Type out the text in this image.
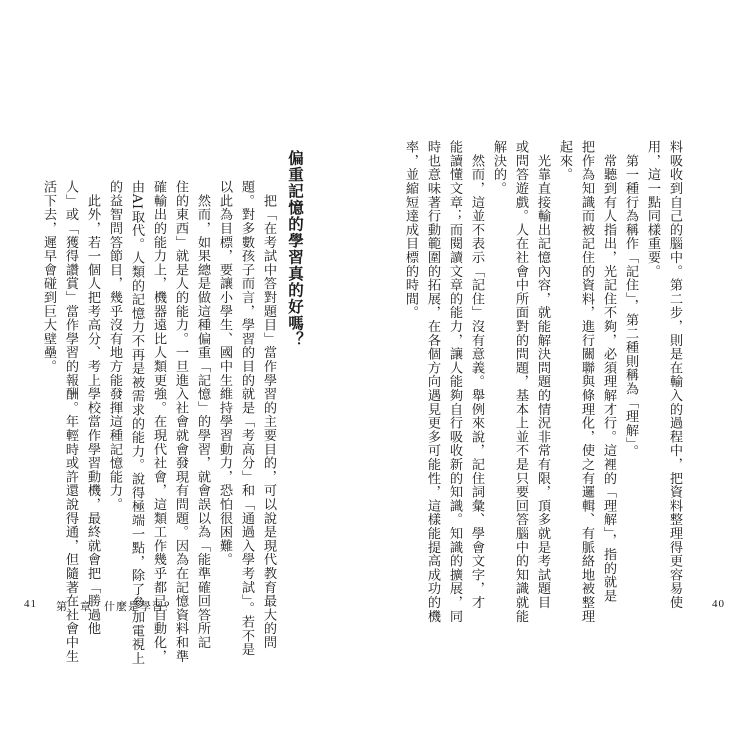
料吸收到自己的腦中。第二步，則是在輸入的過程中，把資料整理得更容易使
用，這一點同樣重要。
　第一種行為稱作「記住」，第二種則稱為「理解」。
　常聽到有人指出，光記住不夠，必須理解才行。這裡的「理解」，指的就是
把作為知識而被記住的資料，進行關聯與條理化，使之有邏輯、有脈絡地被整理
起來。
　光靠直接輸出記憶內容，就能解決問題的情況非常有限，頂多就是考試題目
或問答遊戲。人在社會中所面對的問題，基本上並不是只要回答腦中的知識就能
解決的。
　然而，這並不表示「記住」沒有意義。舉例來說，記住詞彙、學會文字，才
能讀懂文章；而閱讀文章的能力，讓人能夠自行吸收新的知識。知識的擴展，同
時也意味著行動範圍的拓展，在各個方向遇見更多可能性，這樣能提高成功的機
率，並縮短達成目標的時間。
40
偏重記憶的學習真的好嗎？
　把「在考試中答對題目」當作學習的主要目的，可以說是現代教育最大的問
題。對多數孩子而言，學習的目的就是「考高分」和「通過入學考試」。若不是
以此為目標，要讓小學生、國中生維持學習動力，恐怕很困難。
　然而，如果總是做這種偏重「記憶」的學習，就會誤以為「能準確回答所記
住的東西」就是人的能力。一旦進入社會就會發現有問題。因為在記憶資料和準
確輸出的能力上，機器遠比人類更強。在現代社會，這類工作幾乎都已自動化，
由AI取代。人類的記憶力不再是被需求的能力。說得極端一點，除了參加電視上
的益智問答節目，幾乎沒有地方能發揮這種記憶能力。
　此外，若一個人把考高分、考上學校當作學習動機，最終就會把「勝過他
人」或「獲得讚賞」當作學習的報酬。年輕時或許還說得通，但隨著在社會中生
活下去，遲早會碰到巨大壁壘。
41 第一章　什麼是學習？
